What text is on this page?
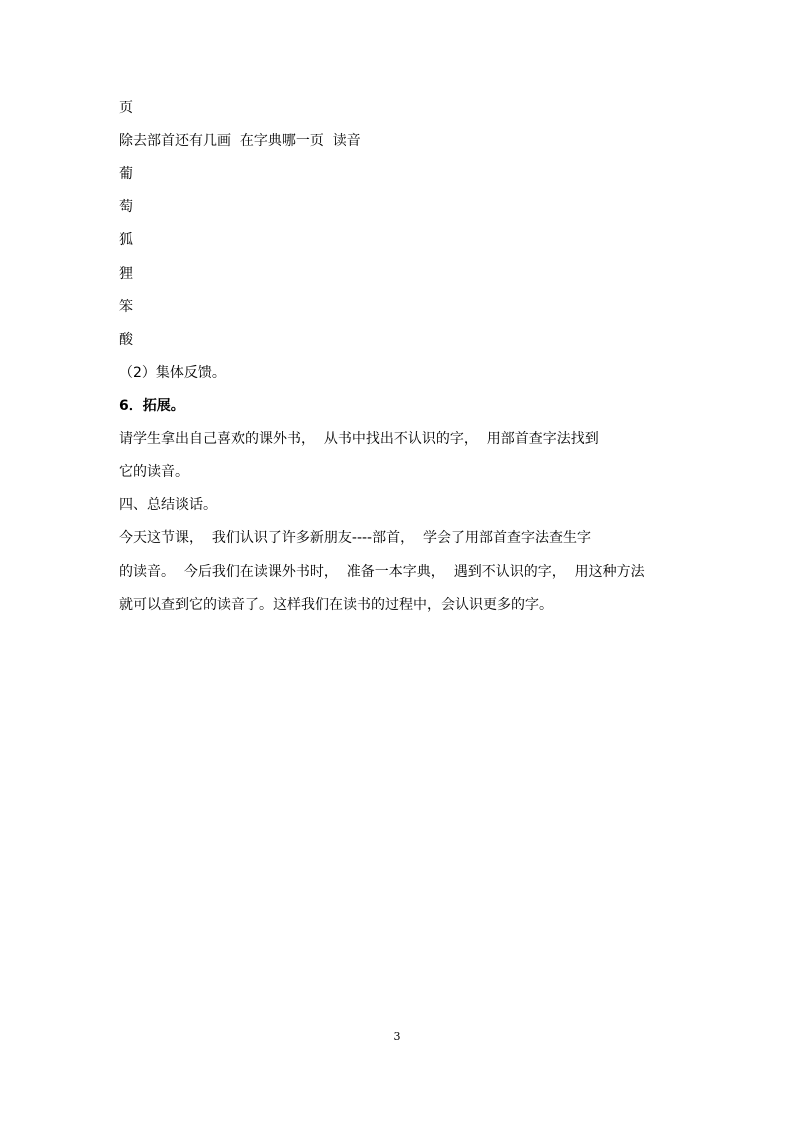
页
除去部首还有几画  在字典哪一页  读音
葡
萄
狐
狸
笨
酸
（2）集体反馈。
6．拓展。
请学生拿出自己喜欢的课外书，  从书中找出不认识的字，  用部首查字法找到
它的读音。
四、总结谈话。
今天这节课，  我们认识了许多新朋友----部首，  学会了用部首查字法查生字
的读音。  今后我们在读课外书时，  准备一本字典，  遇到不认识的字，  用这种方法
就可以查到它的读音了。这样我们在读书的过程中，会认识更多的字。
3
